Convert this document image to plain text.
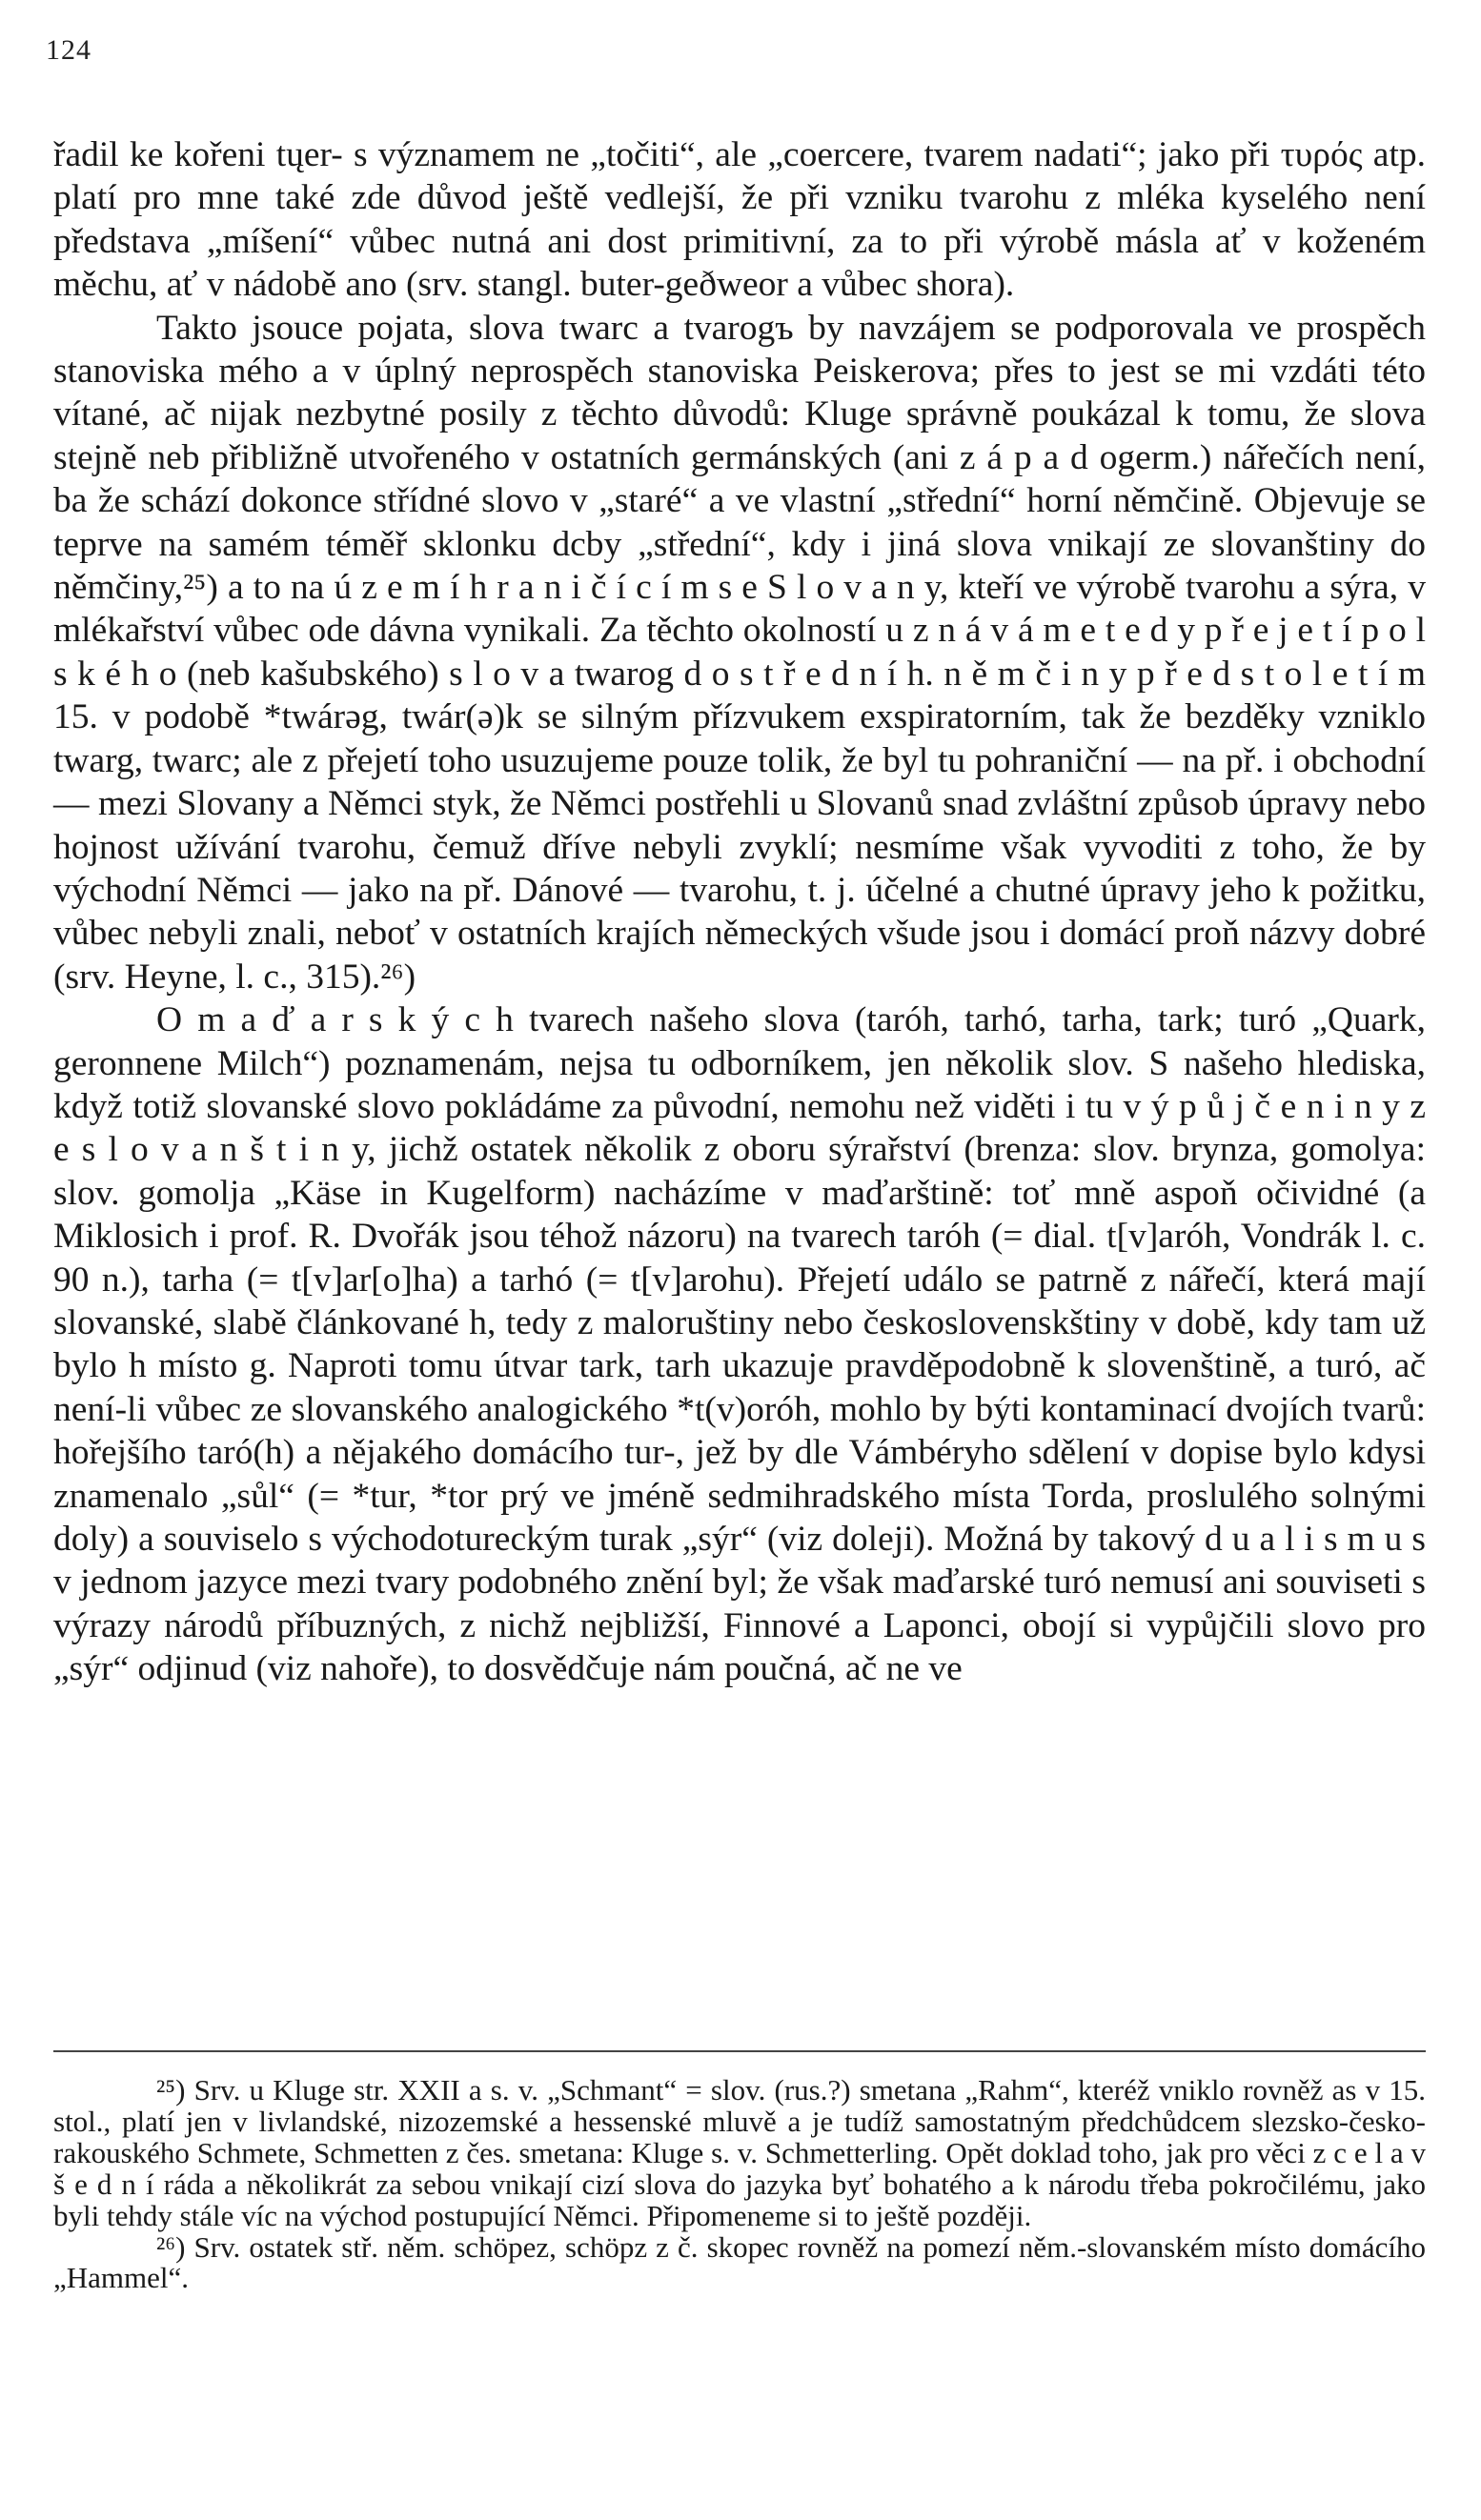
124

řadil ke kořeni tųer- s významem ne „točiti“, ale „coercere, tvarem nadati“; jako při τυρός atp. platí pro mne také zde důvod ještě vedlejší, že při vzniku tvarohu z mléka kyselého není představa „míšení“ vůbec nutná ani dost primitivní, za to při výrobě másla ať v koženém měchu, ať v nádobě ano (srv. stangl. buter-geðweor a vůbec shora).

Takto jsouce pojata, slova twarc a tvarogъ by navzájem se podporovala ve prospěch stanoviska mého a v úplný neprospěch stanoviska Peiskerova; přes to jest se mi vzdáti této vítané, ač nijak nezbytné posily z těchto důvodů: Kluge správně poukázal k tomu, že slova stejně neb přibližně utvořeného v ostatních germánských (ani z á p a d ogerm.) nářečích není, ba že schází dokonce střídné slovo v „staré“ a ve vlastní „střední“ horní němčině. Objevuje se teprve na samém téměř sklonku dcby „střední“, kdy i jiná slova vnikají ze slovanštiny do němčiny,²⁵) a to na ú z e m í h r a n i č í c í m s e S l o v a n y, kteří ve výrobě tvarohu a sýra, v mlékařství vůbec ode dávna vynikali. Za těchto okolností u z n á v á m e t e d y p ř e j e t í p o l s k é h o (neb kašubského) s l o v a twarog d o s t ř e d n í h. n ě m č i n y p ř e d s t o l e t í m 15. v podobě *twárəg, twár(ə)k se silným přízvukem exspiratorním, tak že bezděky vzniklo twarg, twarc; ale z přejetí toho usuzujeme pouze tolik, že byl tu pohraniční — na př. i obchodní — mezi Slovany a Němci styk, že Němci postřehli u Slovanů snad zvláštní způsob úpravy nebo hojnost užívání tvarohu, čemuž dříve nebyli zvyklí; nesmíme však vyvoditi z toho, že by východní Němci — jako na př. Dánové — tvarohu, t. j. účelné a chutné úpravy jeho k požitku, vůbec nebyli znali, neboť v ostatních krajích německých všude jsou i domácí proň názvy dobré (srv. Heyne, l. c., 315).²⁶)

O m a ď a r s k ý c h tvarech našeho slova (taróh, tarhó, tarha, tark; turó „Quark, geronnene Milch“) poznamenám, nejsa tu odborníkem, jen několik slov. S našeho hlediska, když totiž slovanské slovo pokládáme za původní, nemohu než viděti i tu v ý p ů j č e n i n y z e s l o v a n š t i n y, jichž ostatek několik z oboru sýrařství (brenza: slov. brynza, gomolya: slov. gomolja „Käse in Kugelform) nacházíme v maďarštině: toť mně aspoň očividné (a Miklosich i prof. R. Dvořák jsou téhož názoru) na tvarech taróh (= dial. t[v]aróh, Vondrák l. c. 90 n.), tarha (= t[v]ar[o]ha) a tarhó (= t[v]arohu). Přejetí událo se patrně z nářečí, která mají slovanské, slabě článkované h, tedy z maloruštiny nebo československštiny v době, kdy tam už bylo h místo g. Naproti tomu útvar tark, tarh ukazuje pravděpodobně k slovenštině, a turó, ač není-li vůbec ze slovanského analogického *t(v)oróh, mohlo by býti kontaminací dvojích tvarů: hořejšího taró(h) a nějakého domácího tur-, jež by dle Vámbéryho sdělení v dopise bylo kdysi znamenalo „sůl“ (= *tur, *tor prý ve jméně sedmihradského místa Torda, proslulého solnými doly) a souviselo s východotureckým turak „sýr“ (viz doleji). Možná by takový d u a l i s m u s v jednom jazyce mezi tvary podobného znění byl; že však maďarské turó nemusí ani souviseti s výrazy národů příbuzných, z nichž nejbližší, Finnové a Laponci, obojí si vypůjčili slovo pro „sýr“ odjinud (viz nahoře), to dosvědčuje nám poučná, ač ne ve

²⁵) Srv. u Kluge str. XXII a s. v. „Schmant“ = slov. (rus.?) smetana „Rahm“, kteréž vniklo rovněž as v 15. stol., platí jen v livlandské, nizozemské a hessenské mluvě a je tudíž samostatným předchůdcem slezsko-česko-rakouského Schmete, Schmetten z čes. smetana: Kluge s. v. Schmetterling. Opět doklad toho, jak pro věci z c e l a v š e d n í ráda a několikrát za sebou vnikají cizí slova do jazyka byť bohatého a k národu třeba pokročilému, jako byli tehdy stále víc na východ postupující Němci. Připomeneme si to ještě později.

²⁶) Srv. ostatek stř. něm. schöpez, schöpz z č. skopec rovněž na pomezí něm.-slovanském místo domácího „Hammel“.
